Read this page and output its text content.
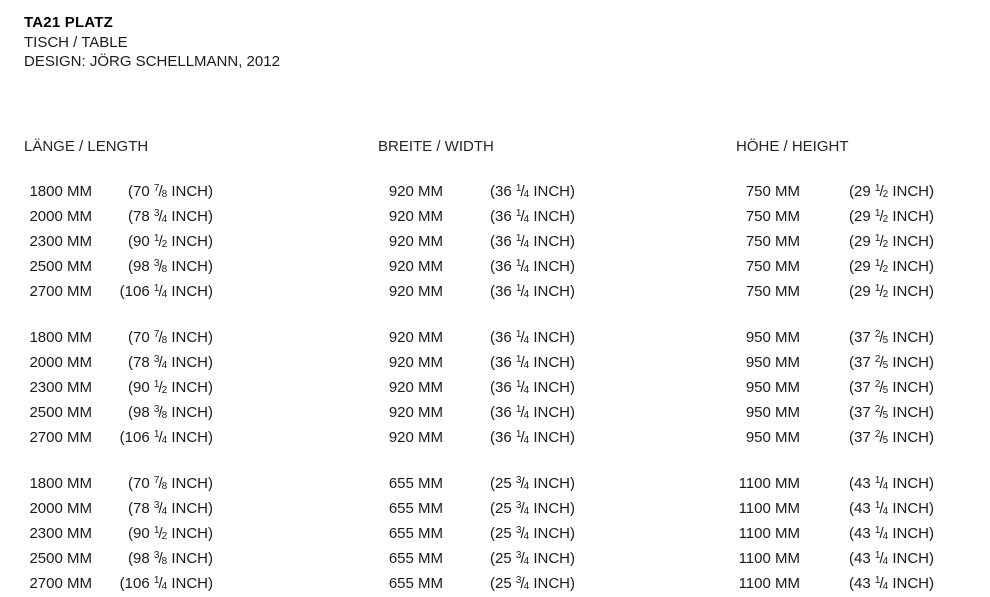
TA21 PLATZ
TISCH / TABLE
DESIGN: JÖRG SCHELLMANN, 2012
LÄNGE / LENGTH	BREITE / WIDTH	HÖHE / HEIGHT
1800 MM	(70 $^7/_8$ INCH)	920 MM	(36 $^1/_4$ INCH)	750 MM	(29 $^1/_2$ INCH)
2000 MM	(78 $^3/_4$ INCH)	920 MM	(36 $^1/_4$ INCH)	750 MM	(29 $^1/_2$ INCH)
2300 MM	(90 $^1/_2$ INCH)	920 MM	(36 $^1/_4$ INCH)	750 MM	(29 $^1/_2$ INCH)
2500 MM	(98 $^3/_8$ INCH)	920 MM	(36 $^1/_4$ INCH)	750 MM	(29 $^1/_2$ INCH)
2700 MM	(106 $^1/_4$ INCH)	920 MM	(36 $^1/_4$ INCH)	750 MM	(29 $^1/_2$ INCH)
1800 MM	(70 $^7/_8$ INCH)	920 MM	(36 $^1/_4$ INCH)	950 MM	(37 $^2/_5$ INCH)
2000 MM	(78 $^3/_4$ INCH)	920 MM	(36 $^1/_4$ INCH)	950 MM	(37 $^2/_5$ INCH)
2300 MM	(90 $^1/_2$ INCH)	920 MM	(36 $^1/_4$ INCH)	950 MM	(37 $^2/_5$ INCH)
2500 MM	(98 $^3/_8$ INCH)	920 MM	(36 $^1/_4$ INCH)	950 MM	(37 $^2/_5$ INCH)
2700 MM	(106 $^1/_4$ INCH)	920 MM	(36 $^1/_4$ INCH)	950 MM	(37 $^2/_5$ INCH)
1800 MM	(70 $^7/_8$ INCH)	655 MM	(25 $^3/_4$ INCH)	1100 MM	(43 $^1/_4$ INCH)
2000 MM	(78 $^3/_4$ INCH)	655 MM	(25 $^3/_4$ INCH)	1100 MM	(43 $^1/_4$ INCH)
2300 MM	(90 $^1/_2$ INCH)	655 MM	(25 $^3/_4$ INCH)	1100 MM	(43 $^1/_4$ INCH)
2500 MM	(98 $^3/_8$ INCH)	655 MM	(25 $^3/_4$ INCH)	1100 MM	(43 $^1/_4$ INCH)
2700 MM	(106 $^1/_4$ INCH)	655 MM	(25 $^3/_4$ INCH)	1100 MM	(43 $^1/_4$ INCH)
